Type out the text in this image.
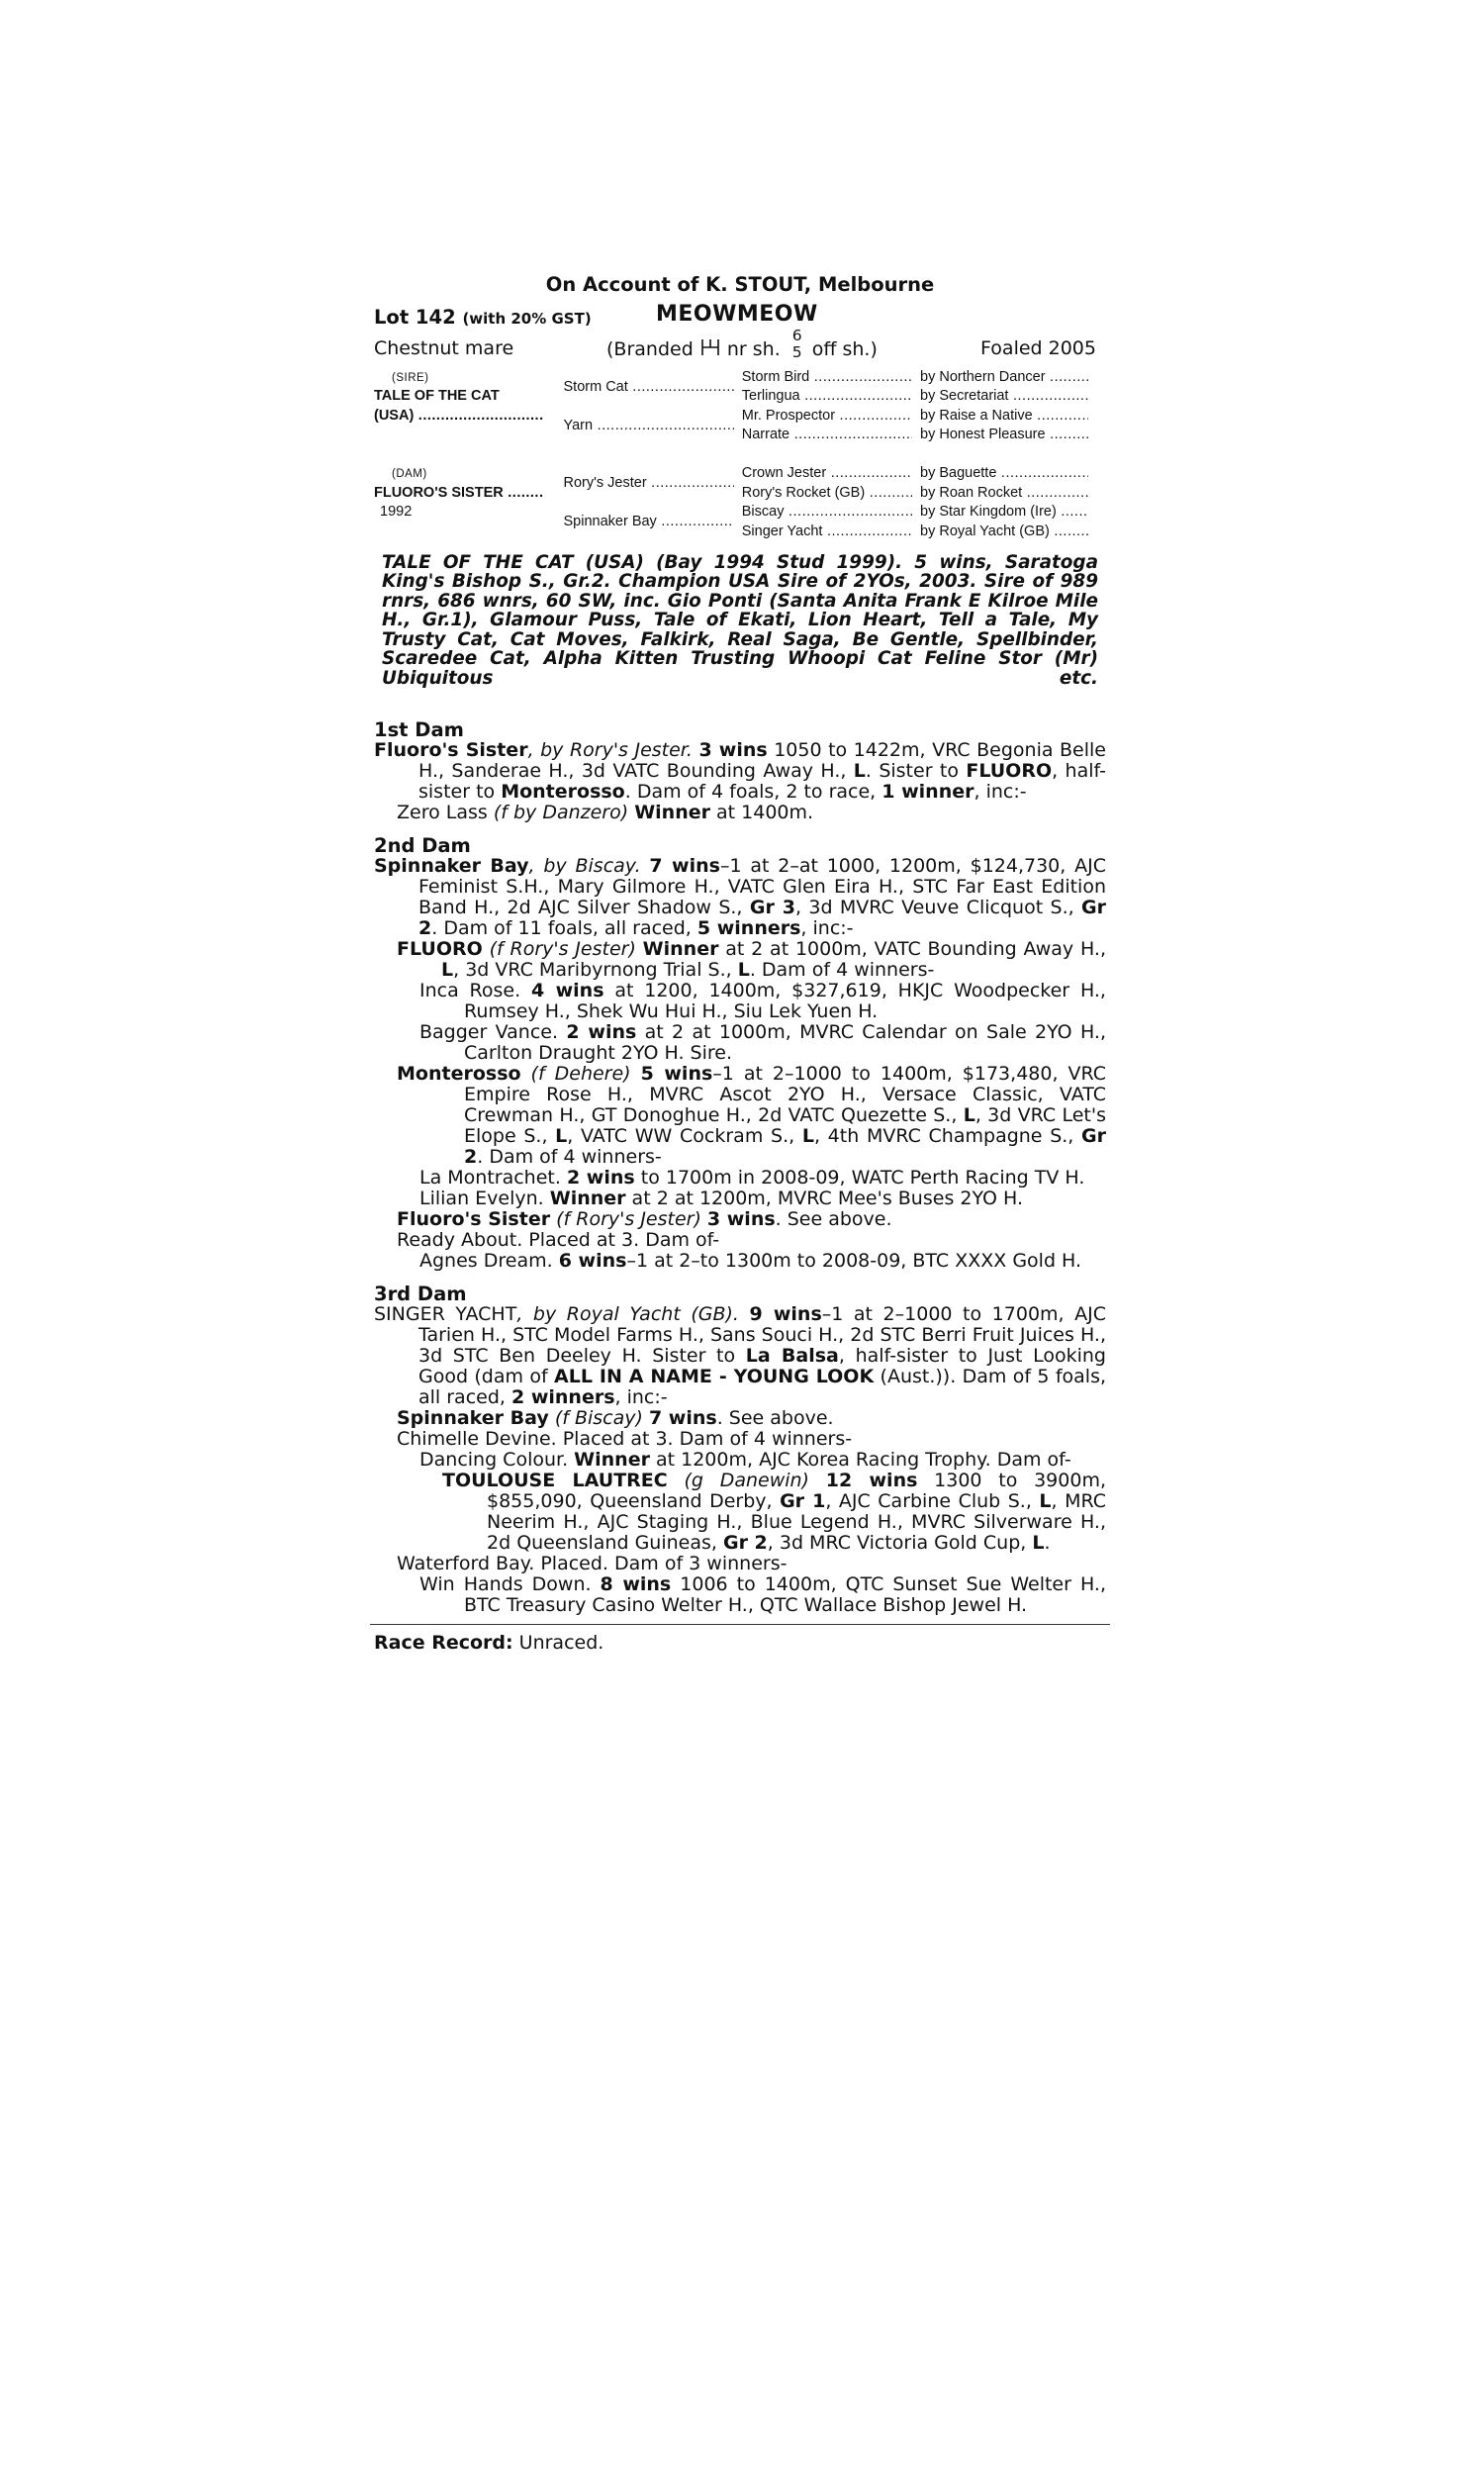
On Account of K. STOUT, Melbourne
Lot 142 (with 20% GST)	MEOWMEOW
Chestnut mare	(Branded nr sh.
6
5 off sh.)	Foaled 2005
(SIRE)	Storm Cat .....	Storm Bird .....	by Northern Dancer .....

TALE OF THE CAT		Terlingua .....	by Secretariat .....

(USA) .....	Yarn .....	Mr. Prospector .....	by Raise a Native .....

		Narrate .....	by Honest Pleasure .....

(DAM)	Rory's Jester .....	Crown Jester .....	by Baguette .....

FLUORO'S SISTER .....		Rory's Rocket (GB) .....	by Roan Rocket .....

1992	Spinnaker Bay .....	Biscay .....	by Star Kingdom (Ire) .....

		Singer Yacht .....	by Royal Yacht (GB) .....
TALE OF THE CAT (USA) (Bay 1994 Stud 1999). 5 wins, Saratoga King's Bishop S., Gr.2. Champion USA Sire of 2YOs, 2003. Sire of 989 rnrs, 686 wnrs, 60 SW, inc. Gio Ponti (Santa Anita Frank E Kilroe Mile H., Gr.1), Glamour Puss, Tale of Ekati, Lion Heart, Tell a Tale, My Trusty Cat, Cat Moves, Falkirk, Real Saga, Be Gentle, Spellbinder, Scaredee Cat, Alpha Kitten Trusting Whoopi Cat Feline Stor (Mr) Ubiquitous etc.
1st Dam

Fluoro's Sister, by Rory's Jester. 3 wins 1050 to 1422m, VRC Begonia Belle H., Sanderae H., 3d VATC Bounding Away H., L. Sister to FLUORO, half-sister to Monterosso. Dam of 4 foals, 2 to race, 1 winner, inc:-

Zero Lass (f by Danzero) Winner at 1400m.

2nd Dam

Spinnaker Bay, by Biscay. 7 wins–1 at 2–at 1000, 1200m, $124,730, AJC Feminist S.H., Mary Gilmore H., VATC Glen Eira H., STC Far East Edition Band H., 2d AJC Silver Shadow S., Gr 3, 3d MVRC Veuve Clicquot S., Gr 2. Dam of 11 foals, all raced, 5 winners, inc:-

FLUORO (f Rory's Jester) Winner at 2 at 1000m, VATC Bounding Away H., L, 3d VRC Maribyrnong Trial S., L. Dam of 4 winners-

Inca Rose. 4 wins at 1200, 1400m, $327,619, HKJC Woodpecker H., Rumsey H., Shek Wu Hui H., Siu Lek Yuen H.

Bagger Vance. 2 wins at 2 at 1000m, MVRC Calendar on Sale 2YO H., Carlton Draught 2YO H. Sire.

Monterosso (f Dehere) 5 wins–1 at 2–1000 to 1400m, $173,480, VRC Empire Rose H., MVRC Ascot 2YO H., Versace Classic, VATC Crewman H., GT Donoghue H., 2d VATC Quezette S., L, 3d VRC Let's Elope S., L, VATC WW Cockram S., L, 4th MVRC Champagne S., Gr 2. Dam of 4 winners-

La Montrachet. 2 wins to 1700m in 2008-09, WATC Perth Racing TV H.

Lilian Evelyn. Winner at 2 at 1200m, MVRC Mee's Buses 2YO H.

Fluoro's Sister (f Rory's Jester) 3 wins. See above.

Ready About. Placed at 3. Dam of-

Agnes Dream. 6 wins–1 at 2–to 1300m to 2008-09, BTC XXXX Gold H.

3rd Dam

SINGER YACHT, by Royal Yacht (GB). 9 wins–1 at 2–1000 to 1700m, AJC Tarien H., STC Model Farms H., Sans Souci H., 2d STC Berri Fruit Juices H., 3d STC Ben Deeley H. Sister to La Balsa, half-sister to Just Looking Good (dam of ALL IN A NAME - YOUNG LOOK (Aust.)). Dam of 5 foals, all raced, 2 winners, inc:-

Spinnaker Bay (f Biscay) 7 wins. See above.

Chimelle Devine. Placed at 3. Dam of 4 winners-

Dancing Colour. Winner at 1200m, AJC Korea Racing Trophy. Dam of-

TOULOUSE LAUTREC (g Danewin) 12 wins 1300 to 3900m, $855,090, Queensland Derby, Gr 1, AJC Carbine Club S., L, MRC Neerim H., AJC Staging H., Blue Legend H., MVRC Silverware H., 2d Queensland Guineas, Gr 2, 3d MRC Victoria Gold Cup, L.

Waterford Bay. Placed. Dam of 3 winners-

Win Hands Down. 8 wins 1006 to 1400m, QTC Sunset Sue Welter H., BTC Treasury Casino Welter H., QTC Wallace Bishop Jewel H.

Race Record: Unraced.
